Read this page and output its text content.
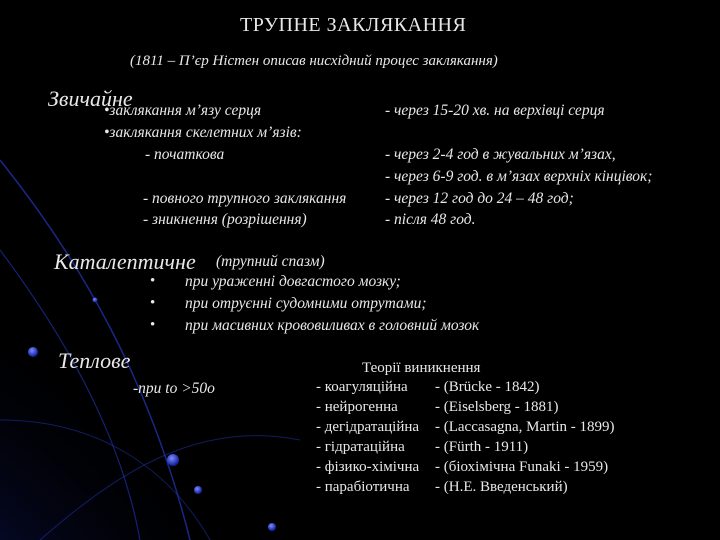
ТРУПНЕ ЗАКЛЯКАННЯ
(1811 – П’єр Ністен описав нисхідний процес заклякання)
Звичайне
•заклякання м’язу серця	- через 15-20 хв. на верхівці серця
•заклякання скелетних м’язів:
- початкова	- через 2-4 год в жувальних м’язах,
- через 6-9 год. в м’язах верхніх кінцівок;
- повного трупного заклякання - через 12 год до 24 – 48 год;
- зникнення (розрішення)	- після 48 год.
Каталептичне (трупний спазм)
• при ураженні довгастого мозку;
• при отруєнні судомними отрутами;
• при масивних крововиливах в головний мозок
Теплове
-при to >50o
Теорії виникнення
- коагуляційна - (Brücke - 1842)
- нейрогенна - (Eiselsberg - 1881)
- дегідратаційна - (Laccasagna, Martin - 1899)
- гідратаційна - (Fürth - 1911)
- фізико-хімічна - (біохімічна Funaki - 1959)
- парабіотична - (Н.Е. Введенський)
